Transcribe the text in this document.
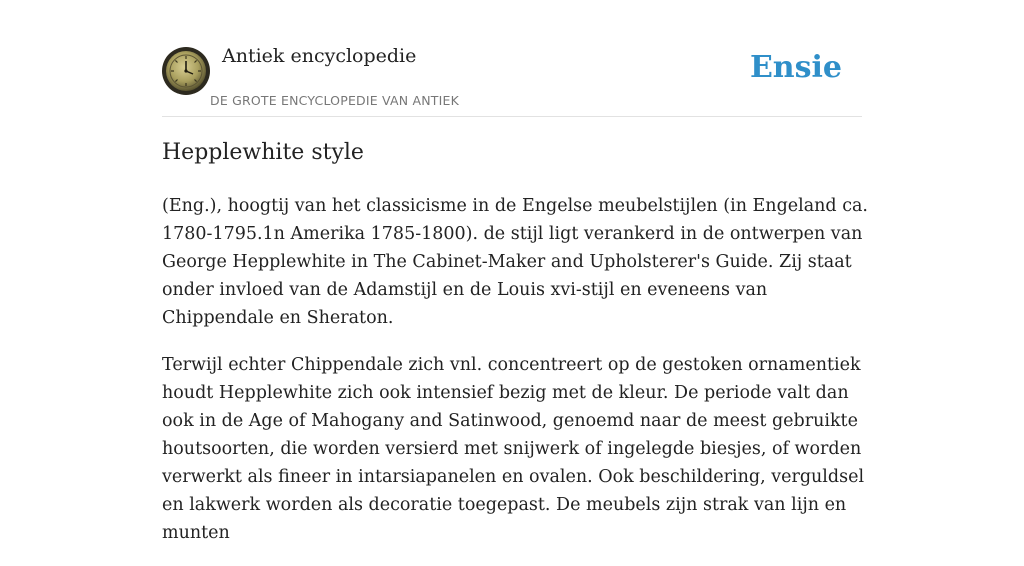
Antiek encyclopedie
DE GROTE ENCYCLOPEDIE VAN ANTIEK
Ensie
Hepplewhite style

(Eng.), hoogtij van het classicisme in de Engelse meubelstijlen (in Engeland ca. 1780-1795.1n Amerika 1785-1800). de stijl ligt verankerd in de ontwerpen van George Hepplewhite in The Cabinet-Maker and Upholsterer's Guide. Zij staat onder invloed van de Adamstijl en de Louis xvi-stijl en eveneens van Chippendale en Sheraton.

Terwijl echter Chippendale zich vnl. concentreert op de gestoken ornamentiek houdt Hepplewhite zich ook intensief bezig met de kleur. De periode valt dan ook in de Age of Mahogany and Satinwood, genoemd naar de meest gebruikte houtsoorten, die worden versierd met snijwerk of ingelegde biesjes, of worden verwerkt als fineer in intarsiapanelen en ovalen. Ook beschildering, verguldsel en lakwerk worden als decoratie toegepast. De meubels zijn strak van lijn en munten
